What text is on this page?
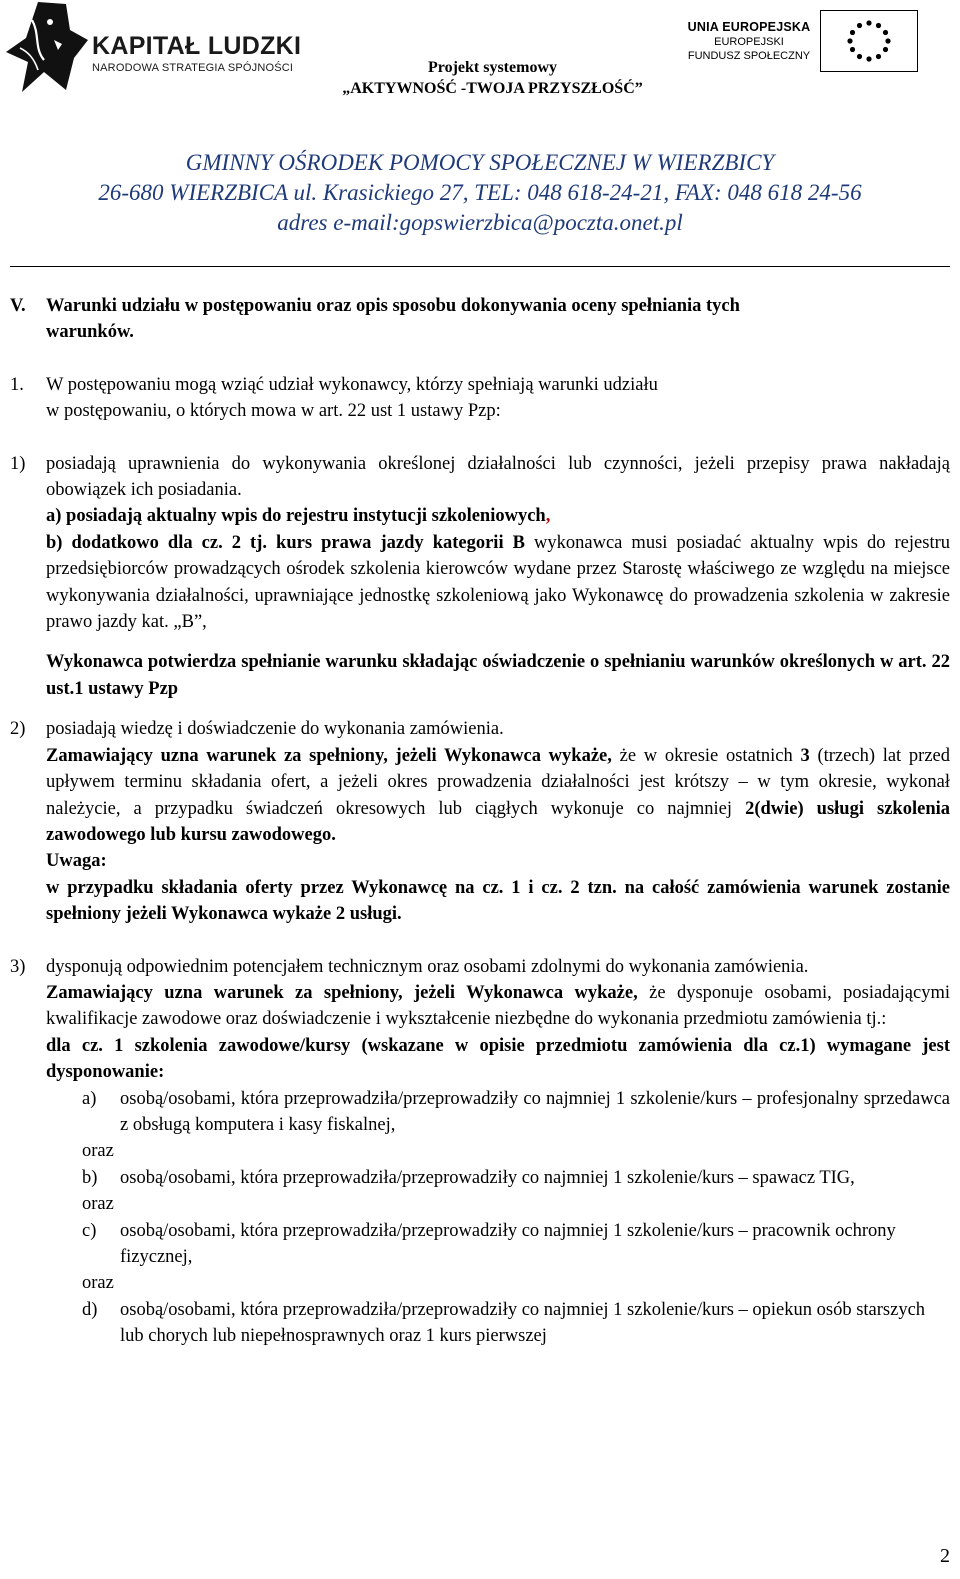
KAPITAŁ LUDZKI
NARODOWA STRATEGIA SPÓJNOŚCI	Projekt systemowy
„AKTYWNOŚĆ -TWOJA PRZYSZŁOŚĆ”
UNIA EUROPEJSKA
EUROPEJSKI
FUNDUSZ SPOŁECZNY
GMINNY OŚRODEK POMOCY SPOŁECZNEJ W WIERZBICY
26-680 WIERZBICA ul. Krasickiego 27, TEL: 048 618-24-21, FAX: 048 618 24-56
adres e-mail:gopswierzbica@poczta.onet.pl
V.	Warunki udziału w postępowaniu oraz opis sposobu dokonywania oceny spełniania tych
warunków.
1.	W postępowaniu mogą wziąć udział wykonawcy, którzy spełniają warunki udziału
w postępowaniu, o których mowa w art. 22 ust 1 ustawy Pzp:
1)	posiadają uprawnienia do wykonywania określonej działalności lub czynności, jeżeli przepisy prawa nakładają obowiązek ich posiadania.
a) posiadają aktualny wpis do rejestru instytucji szkoleniowych,
b) dodatkowo dla cz. 2 tj. kurs prawa jazdy kategorii B wykonawca musi posiadać aktualny wpis do rejestru przedsiębiorców prowadzących ośrodek szkolenia kierowców wydane przez Starostę właściwego ze względu na miejsce wykonywania działalności, uprawniające jednostkę szkoleniową jako Wykonawcę do prowadzenia szkolenia w zakresie prawo jazdy kat. „B”,
Wykonawca potwierdza spełnianie warunku składając oświadczenie o spełnianiu warunków określonych w art. 22 ust.1 ustawy Pzp
2)	posiadają wiedzę i doświadczenie do wykonania zamówienia.
Zamawiający uzna warunek za spełniony, jeżeli Wykonawca wykaże, że w okresie ostatnich 3 (trzech) lat przed upływem terminu składania ofert, a jeżeli okres prowadzenia działalności jest krótszy – w tym okresie, wykonał należycie, a przypadku świadczeń okresowych lub ciągłych wykonuje co najmniej 2(dwie) usługi szkolenia zawodowego lub kursu zawodowego.
Uwaga:
w przypadku składania oferty przez Wykonawcę na cz. 1 i cz. 2 tzn. na całość zamówienia warunek zostanie spełniony jeżeli Wykonawca wykaże 2 usługi.
3)	dysponują odpowiednim potencjałem technicznym oraz osobami zdolnymi do wykonania zamówienia.
Zamawiający uzna warunek za spełniony, jeżeli Wykonawca wykaże, że dysponuje osobami, posiadającymi kwalifikacje zawodowe oraz doświadczenie i wykształcenie niezbędne do wykonania przedmiotu zamówienia tj.:
dla cz. 1 szkolenia zawodowe/kursy (wskazane w opisie przedmiotu zamówienia dla cz.1) wymagane jest dysponowanie:
a)	osobą/osobami, która przeprowadziła/przeprowadziły co najmniej 1 szkolenie/kurs – profesjonalny sprzedawca z obsługą komputera i kasy fiskalnej,
oraz
b)	osobą/osobami, która przeprowadziła/przeprowadziły co najmniej 1 szkolenie/kurs – spawacz TIG,
oraz
c)	osobą/osobami, która przeprowadziła/przeprowadziły co najmniej 1 szkolenie/kurs – pracownik ochrony fizycznej,
oraz
d)	osobą/osobami, która przeprowadziła/przeprowadziły co najmniej 1 szkolenie/kurs – opiekun osób starszych lub chorych lub niepełnosprawnych oraz 1 kurs pierwszej
2
